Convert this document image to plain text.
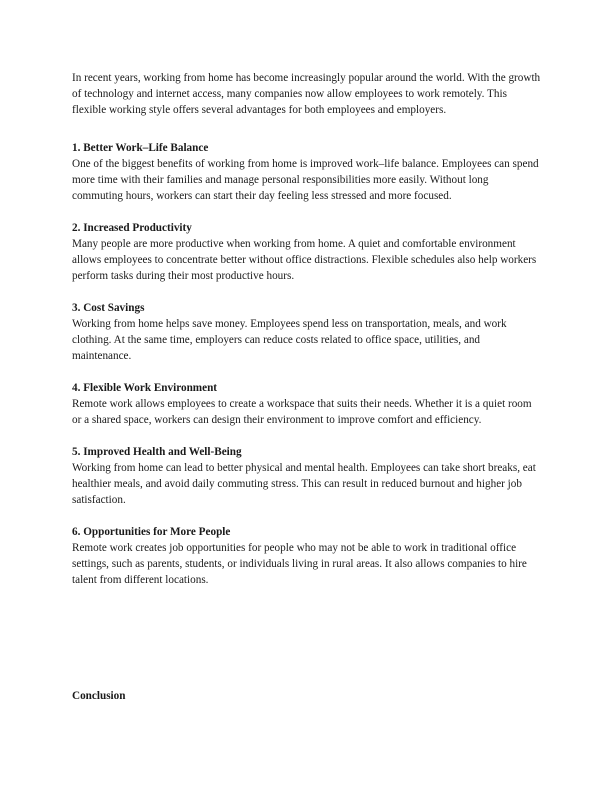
In recent years, working from home has become increasingly popular around the world. With the growth of technology and internet access, many companies now allow employees to work remotely. This flexible working style offers several advantages for both employees and employers.

1. Better Work–Life Balance

One of the biggest benefits of working from home is improved work–life balance. Employees can spend more time with their families and manage personal responsibilities more easily. Without long commuting hours, workers can start their day feeling less stressed and more focused.

2. Increased Productivity

Many people are more productive when working from home. A quiet and comfortable environment allows employees to concentrate better without office distractions. Flexible schedules also help workers perform tasks during their most productive hours.

3. Cost Savings

Working from home helps save money. Employees spend less on transportation, meals, and work clothing. At the same time, employers can reduce costs related to office space, utilities, and maintenance.

4. Flexible Work Environment

Remote work allows employees to create a workspace that suits their needs. Whether it is a quiet room or a shared space, workers can design their environment to improve comfort and efficiency.

5. Improved Health and Well-Being

Working from home can lead to better physical and mental health. Employees can take short breaks, eat healthier meals, and avoid daily commuting stress. This can result in reduced burnout and higher job satisfaction.

6. Opportunities for More People

Remote work creates job opportunities for people who may not be able to work in traditional office settings, such as parents, students, or individuals living in rural areas. It also allows companies to hire talent from different locations.

Conclusion
